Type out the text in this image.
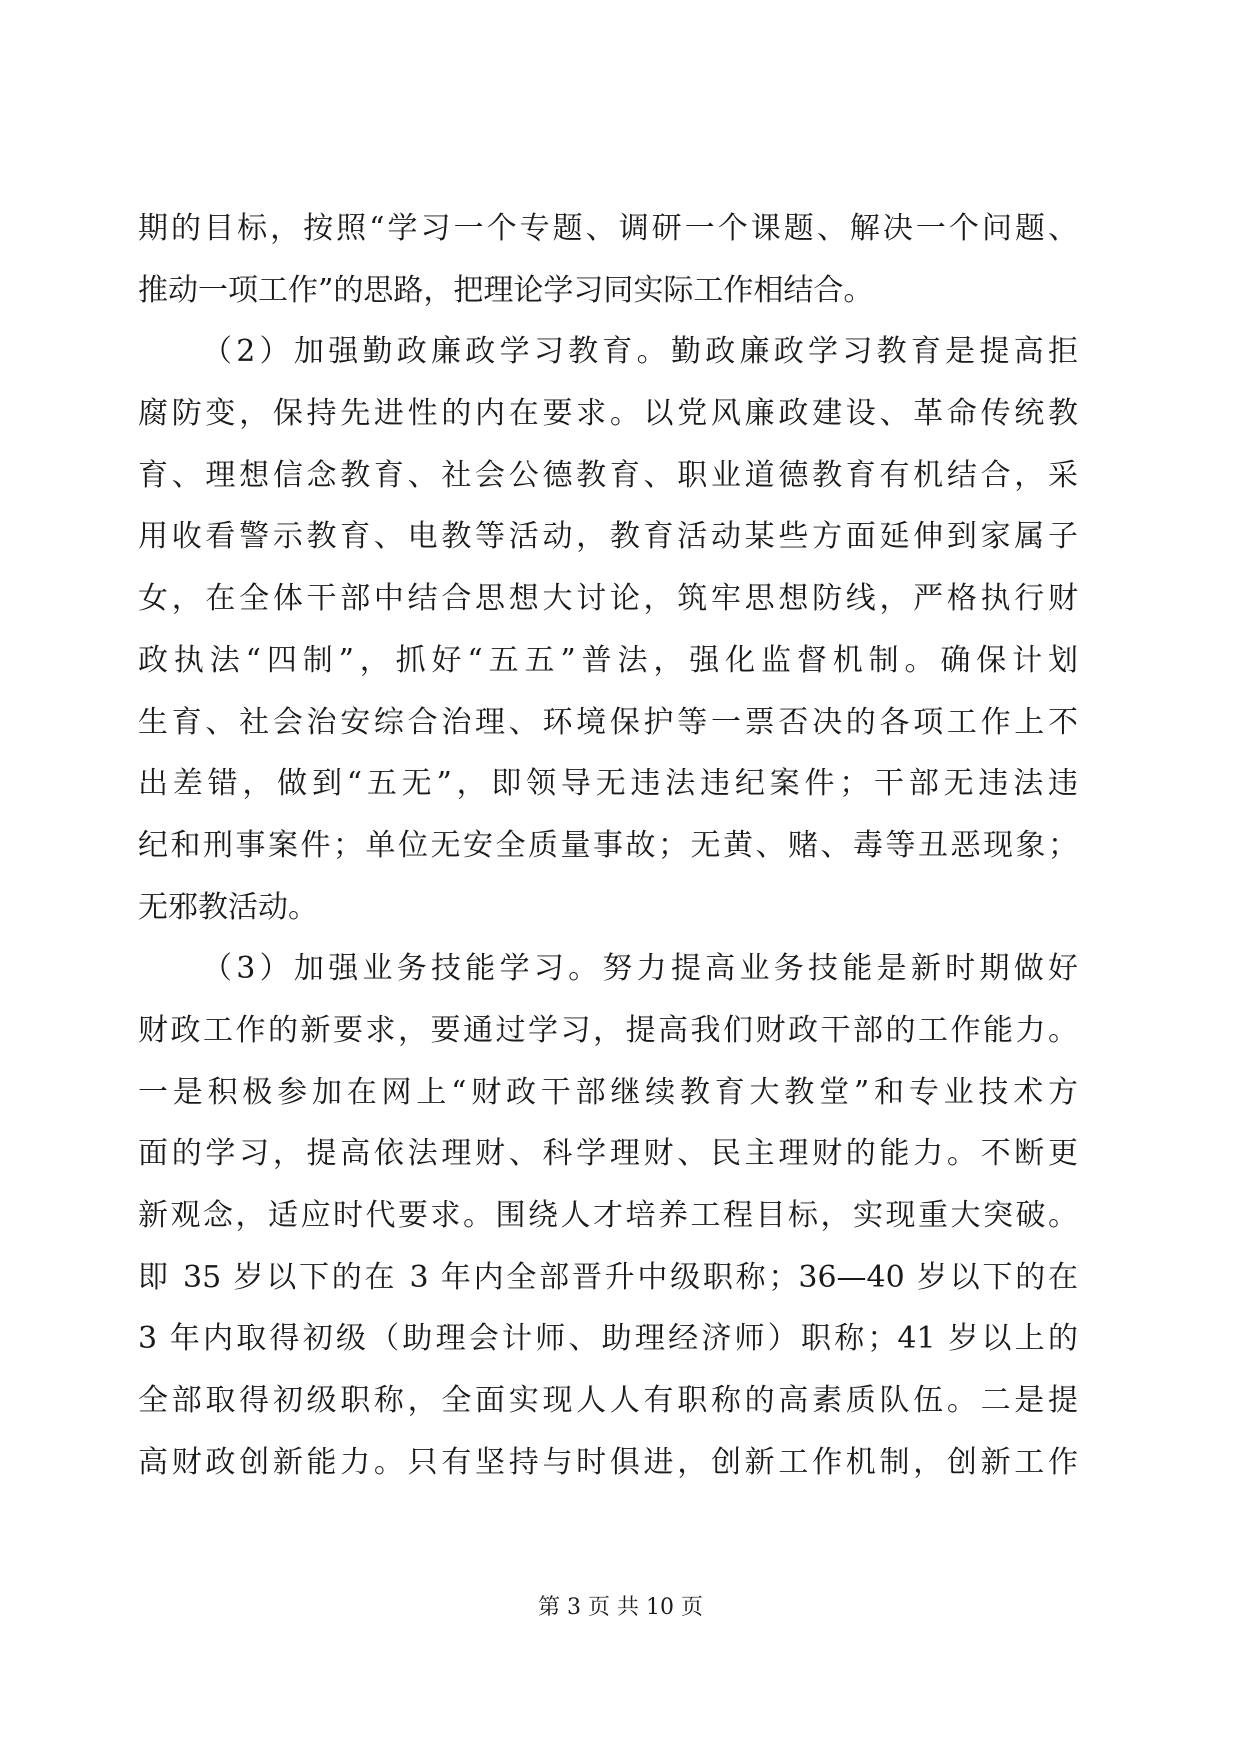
期的目标，按照“学习一个专题、调研一个课题、解决一个问题、
推动一项工作”的思路，把理论学习同实际工作相结合。
（2）加强勤政廉政学习教育。勤政廉政学习教育是提高拒
腐防变，保持先进性的内在要求。以党风廉政建设、革命传统教
育、理想信念教育、社会公德教育、职业道德教育有机结合，采
用收看警示教育、电教等活动，教育活动某些方面延伸到家属子
女，在全体干部中结合思想大讨论，筑牢思想防线，严格执行财
政执法“四制”，抓好“五五”普法，强化监督机制。确保计划
生育、社会治安综合治理、环境保护等一票否决的各项工作上不
出差错，做到“五无”，即领导无违法违纪案件；干部无违法违
纪和刑事案件；单位无安全质量事故；无黄、赌、毒等丑恶现象；
无邪教活动。
（3）加强业务技能学习。努力提高业务技能是新时期做好
财政工作的新要求，要通过学习，提高我们财政干部的工作能力。
一是积极参加在网上“财政干部继续教育大教堂”和专业技术方
面的学习，提高依法理财、科学理财、民主理财的能力。不断更
新观念，适应时代要求。围绕人才培养工程目标，实现重大突破。
即 35 岁以下的在 3 年内全部晋升中级职称；36—40 岁以下的在
3 年内取得初级（助理会计师、助理经济师）职称；41 岁以上的
全部取得初级职称，全面实现人人有职称的高素质队伍。二是提
高财政创新能力。只有坚持与时俱进，创新工作机制，创新工作
第 3 页 共 10 页
